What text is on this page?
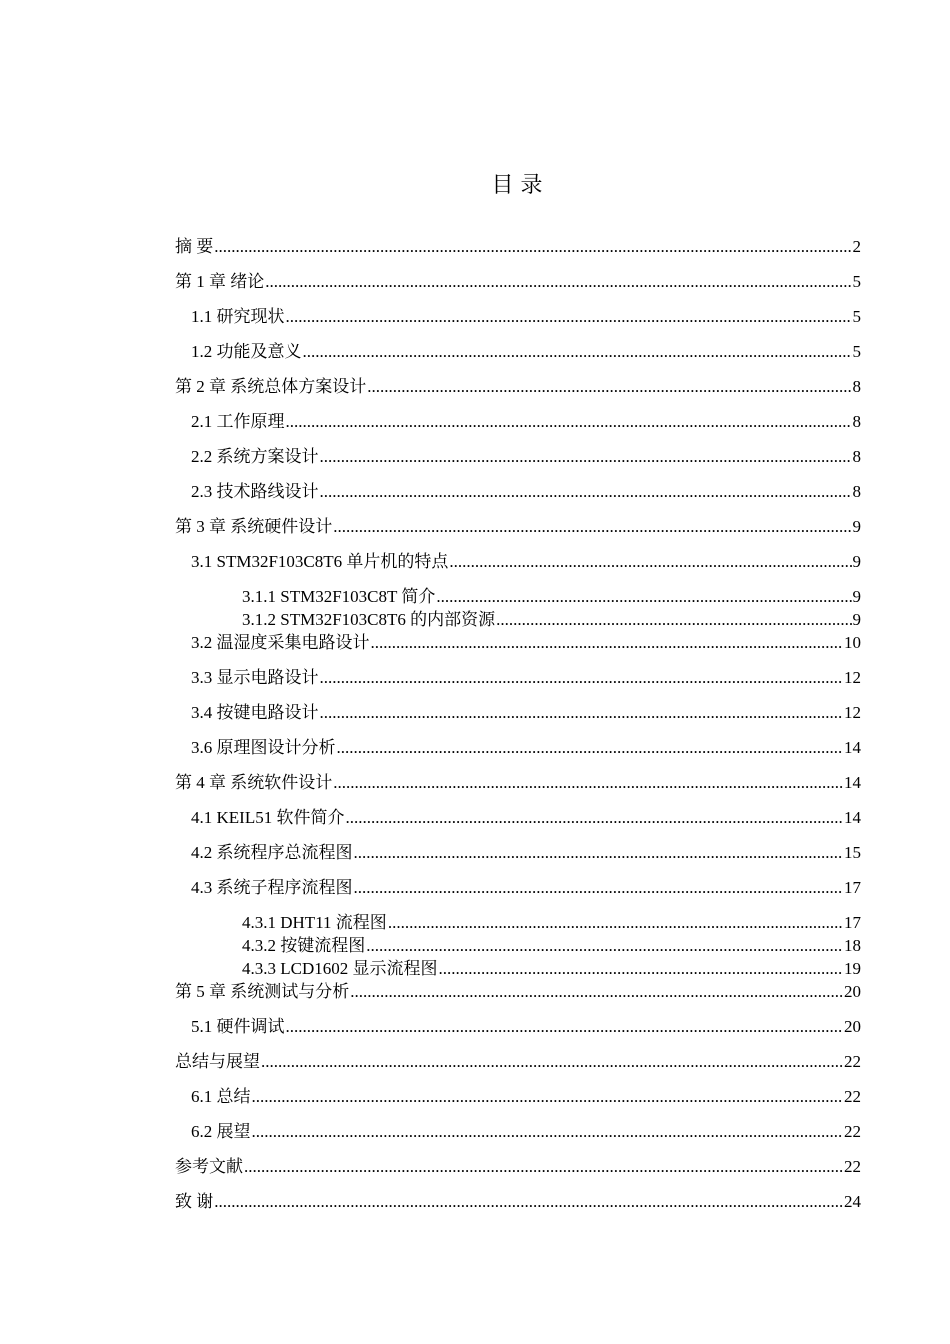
目 录
摘 要 .....	2
第 1 章 绪论 .....	5
1.1 研究现状 .....	5
1.2 功能及意义 .....	5
第 2 章 系统总体方案设计 .....	8
2.1 工作原理 .....	8
2.2 系统方案设计 .....	8
2.3 技术路线设计 .....	8
第 3 章 系统硬件设计 .....	9
3.1 STM32F103C8T6 单片机的特点 .....	9
3.1.1 STM32F103C8T 简介 .....	9
3.1.2 STM32F103C8T6 的内部资源 .....	9
3.2 温湿度采集电路设计 .....	10
3.3 显示电路设计 .....	12
3.4 按键电路设计 .....	12
3.6 原理图设计分析 .....	14
第 4 章 系统软件设计 .....	14
4.1 KEIL51 软件简介 .....	14
4.2 系统程序总流程图 .....	15
4.3 系统子程序流程图 .....	17
4.3.1 DHT11 流程图 .....	17
4.3.2 按键流程图 .....	18
4.3.3 LCD1602 显示流程图 .....	19
第 5 章 系统测试与分析 .....	20
5.1 硬件调试 .....	20
总结与展望 .....	22
6.1 总结 .....	22
6.2 展望 .....	22
参考文献 .....	22
致 谢 .....	24
